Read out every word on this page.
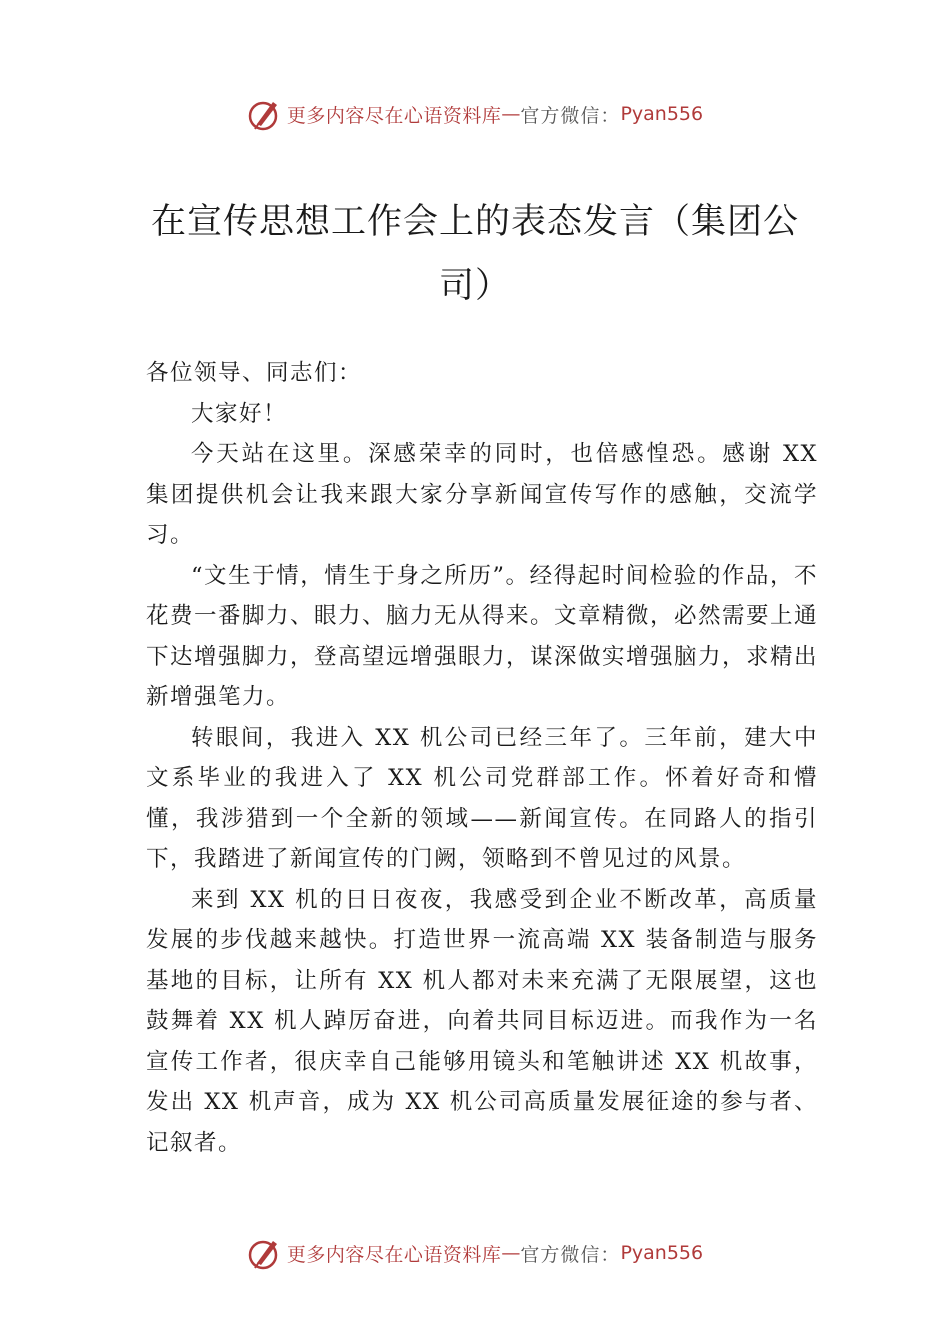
更多内容尽在心语资料库 — 官方微信： Pyan556
在宣传思想工作会上的表态发言（集团公司）

各位领导、同志们：

大家好！

今天站在这里。深感荣幸的同时，也倍感惶恐。感谢 XX 集团提供机会让我来跟大家分享新闻宣传写作的感触，交流学习。

“文生于情，情生于身之所历”。经得起时间检验的作品，不花费一番脚力、眼力、脑力无从得来。文章精微，必然需要上通下达增强脚力，登高望远增强眼力，谋深做实增强脑力，求精出新增强笔力。

转眼间，我进入 XX 机公司已经三年了。三年前，建大中文系毕业的我进入了 XX 机公司党群部工作。怀着好奇和懵懂，我涉猎到一个全新的领域——新闻宣传。在同路人的指引下，我踏进了新闻宣传的门阙，领略到不曾见过的风景。

来到 XX 机的日日夜夜，我感受到企业不断改革，高质量发展的步伐越来越快。打造世界一流高端 XX 装备制造与服务基地的目标，让所有 XX 机人都对未来充满了无限展望，这也鼓舞着 XX 机人踔厉奋进，向着共同目标迈进。而我作为一名宣传工作者，很庆幸自己能够用镜头和笔触讲述 XX 机故事，发出 XX 机声音，成为 XX 机公司高质量发展征途的参与者、记叙者。

更多内容尽在心语资料库 — 官方微信： Pyan556
